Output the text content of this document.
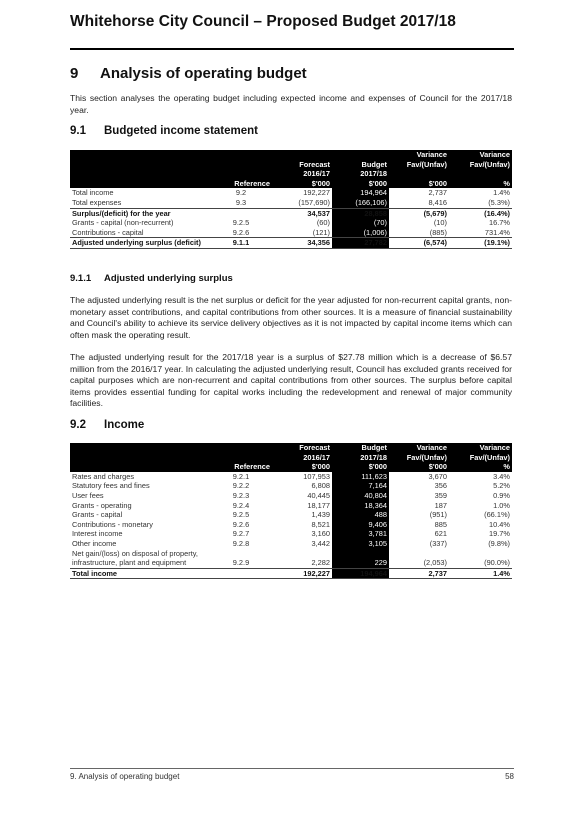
Whitehorse City Council – Proposed Budget 2017/18
9 Analysis of operating budget
This section analyses the operating budget including expected income and expenses of Council for the 2017/18 year.
9.1 Budgeted income statement
				Variance	Variance
		Forecast	Budget	Fav/(Unfav)	Fav/(Unfav)
		2016/17	2017/18		
	Reference	$'000	$'000	$'000	%
Total income	9.2	192,227	194,964	2,737	1.4%
Total expenses	9.3	(157,690)	(166,106)	8,416	(5.3%)
Surplus/(deficit) for the year		34,537	28,858	(5,679)	(16.4%)
Grants - capital (non-recurrent)	9.2.5	(60)	(70)	(10)	16.7%
Contributions - capital	9.2.6	(121)	(1,006)	(885)	731.4%
Adjusted underlying surplus (deficit)	9.1.1	34,356	27,782	(6,574)	(19.1%)
9.1.1 Adjusted underlying surplus
The adjusted underlying result is the net surplus or deficit for the year adjusted for non-recurrent capital grants, non-monetary asset contributions, and capital contributions from other sources. It is a measure of financial sustainability and Council's ability to achieve its service delivery objectives as it is not impacted by capital income items which can often mask the operating result.
The adjusted underlying result for the 2017/18 year is a surplus of $27.78 million which is a decrease of $6.57 million from the 2016/17 year. In calculating the adjusted underlying result, Council has excluded grants received for capital purposes which are non-recurrent and capital contributions from other sources. The surplus before capital items provides essential funding for capital works including the redevelopment and renewal of major community facilities.
9.2 Income
		Forecast	Budget	Variance	Variance
		2016/17	2017/18	Fav/(Unfav)	Fav/(Unfav)
	Reference	$'000	$'000	$'000	%
Rates and charges	9.2.1	107,953	111,623	3,670	3.4%
Statutory fees and fines	9.2.2	6,808	7,164	356	5.2%
User fees	9.2.3	40,445	40,804	359	0.9%
Grants - operating	9.2.4	18,177	18,364	187	1.0%
Grants - capital	9.2.5	1,439	488	(951)	(66.1%)
Contributions - monetary	9.2.6	8,521	9,406	885	10.4%
Interest income	9.2.7	3,160	3,781	621	19.7%
Other income	9.2.8	3,442	3,105	(337)	(9.8%)
Net gain/(loss) on disposal of property,					
infrastructure, plant and equipment	9.2.9	2,282	229	(2,053)	(90.0%)
Total income		192,227	194,964	2,737	1.4%
9. Analysis of operating budget	58
